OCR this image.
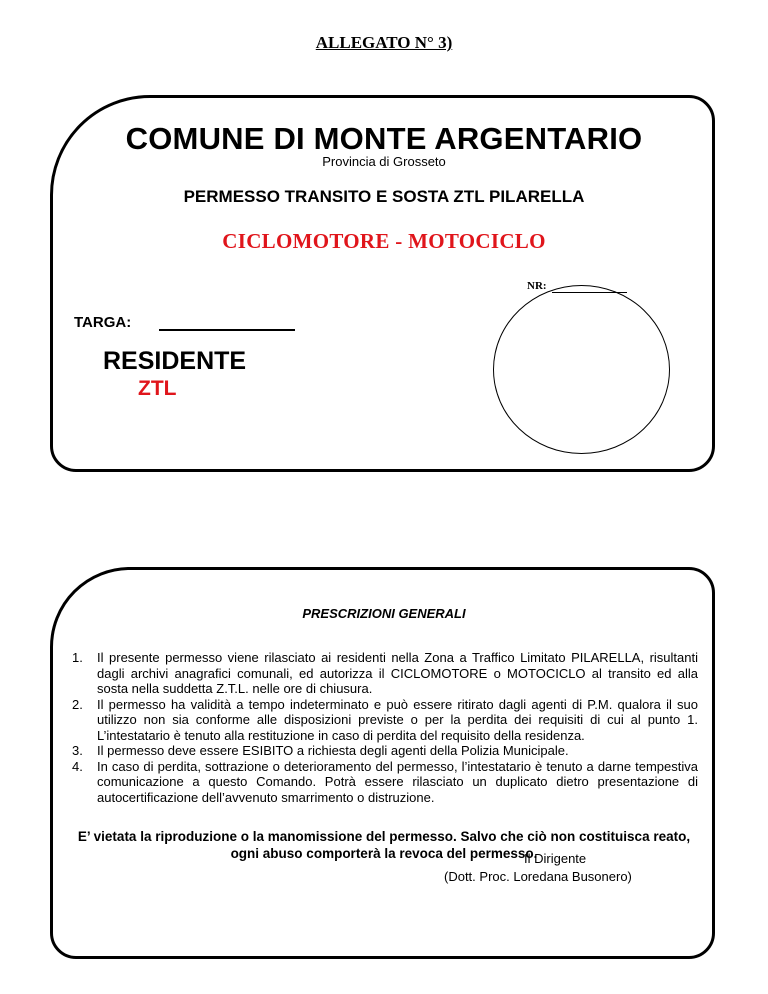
ALLEGATO N° 3)
COMUNE DI MONTE ARGENTARIO
Provincia di Grosseto
PERMESSO TRANSITO E SOSTA ZTL PILARELLA
CICLOMOTORE - MOTOCICLO
NR:
TARGA:
RESIDENTE
ZTL
PRESCRIZIONI GENERALI
1. Il presente permesso viene rilasciato ai residenti nella Zona a Traffico Limitato PILARELLA, risultanti dagli archivi anagrafici comunali, ed autorizza il CICLOMOTORE o MOTOCICLO al transito ed alla sosta nella suddetta Z.T.L. nelle ore di chiusura.
2. Il permesso ha validità a tempo indeterminato e può essere ritirato dagli agenti di P.M. qualora il suo utilizzo non sia conforme alle disposizioni previste o per la perdita dei requisiti di cui al punto 1. L’intestatario è tenuto alla restituzione in caso di perdita del requisito della residenza.
3. Il permesso deve essere ESIBITO a richiesta degli agenti della Polizia Municipale.
4. In caso di perdita, sottrazione o deterioramento del permesso, l’intestatario è tenuto a darne tempestiva comunicazione a questo Comando. Potrà essere rilasciato un duplicato dietro presentazione di autocertificazione dell’avvenuto smarrimento o distruzione.
E’ vietata la riproduzione o la manomissione del permesso. Salvo che ciò non costituisca reato, ogni abuso comporterà la revoca del permesso.
Il Dirigente
(Dott. Proc. Loredana Busonero)
